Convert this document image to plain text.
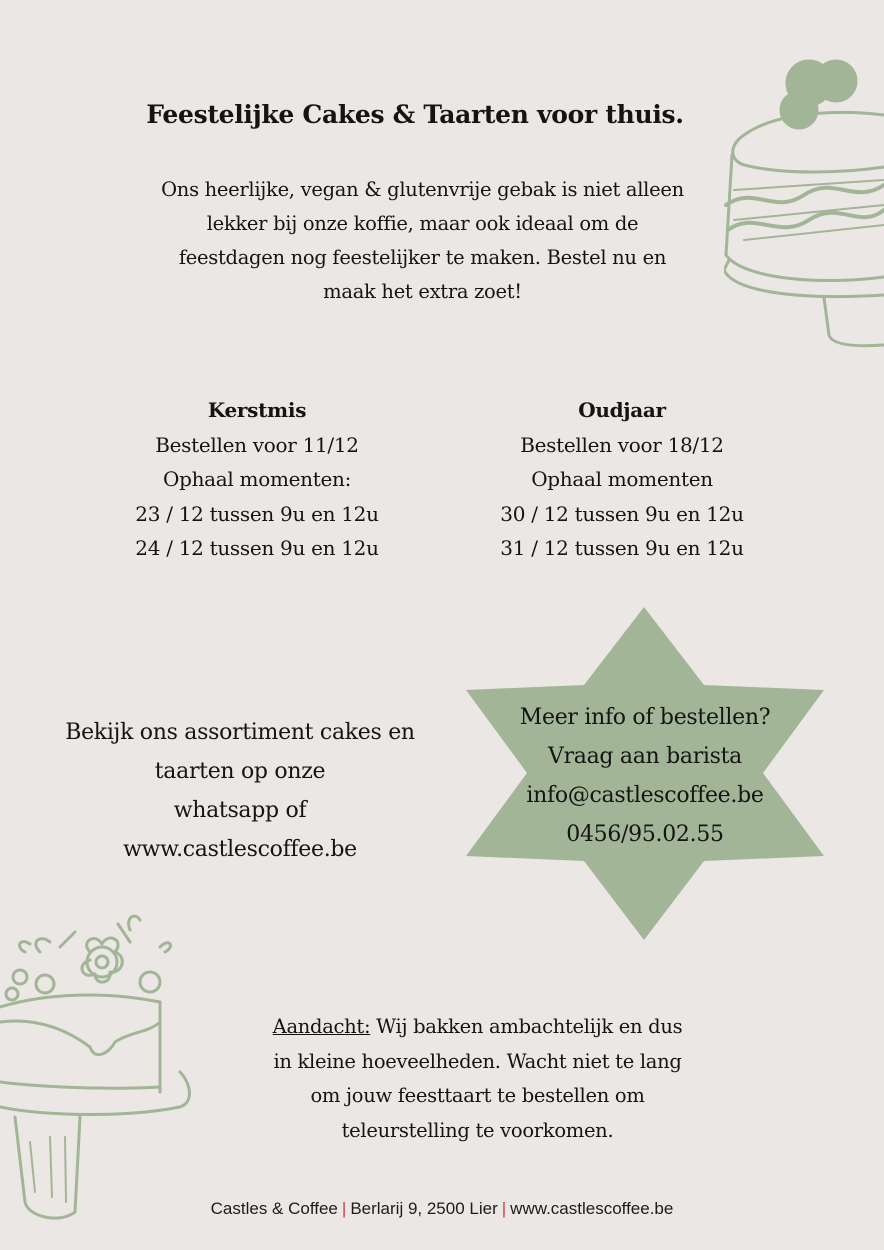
Feestelijke Cakes & Taarten voor thuis.

Ons heerlijke, vegan & glutenvrije gebak is niet alleen

lekker bij onze koffie, maar ook ideaal om de

feestdagen nog feestelijker te maken. Bestel nu en

maak het extra zoet!

Kerstmis

Bestellen voor 11/12

Ophaal momenten:

23 / 12 tussen 9u en 12u

24 / 12 tussen 9u en 12u

Oudjaar

Bestellen voor 18/12

Ophaal momenten

30 / 12 tussen 9u en 12u

31 / 12 tussen 9u en 12u

Bekijk ons assortiment cakes en

taarten op onze

whatsapp of

www.castlescoffee.be

Meer info of bestellen?

Vraag aan barista

info@castlescoffee.be

0456/95.02.55

Aandacht: Wij bakken ambachtelijk en dus

in kleine hoeveelheden. Wacht niet te lang

om jouw feesttaart te bestellen om

teleurstelling te voorkomen.

Castles & Coffee | Berlarij 9, 2500 Lier | www.castlescoffee.be
